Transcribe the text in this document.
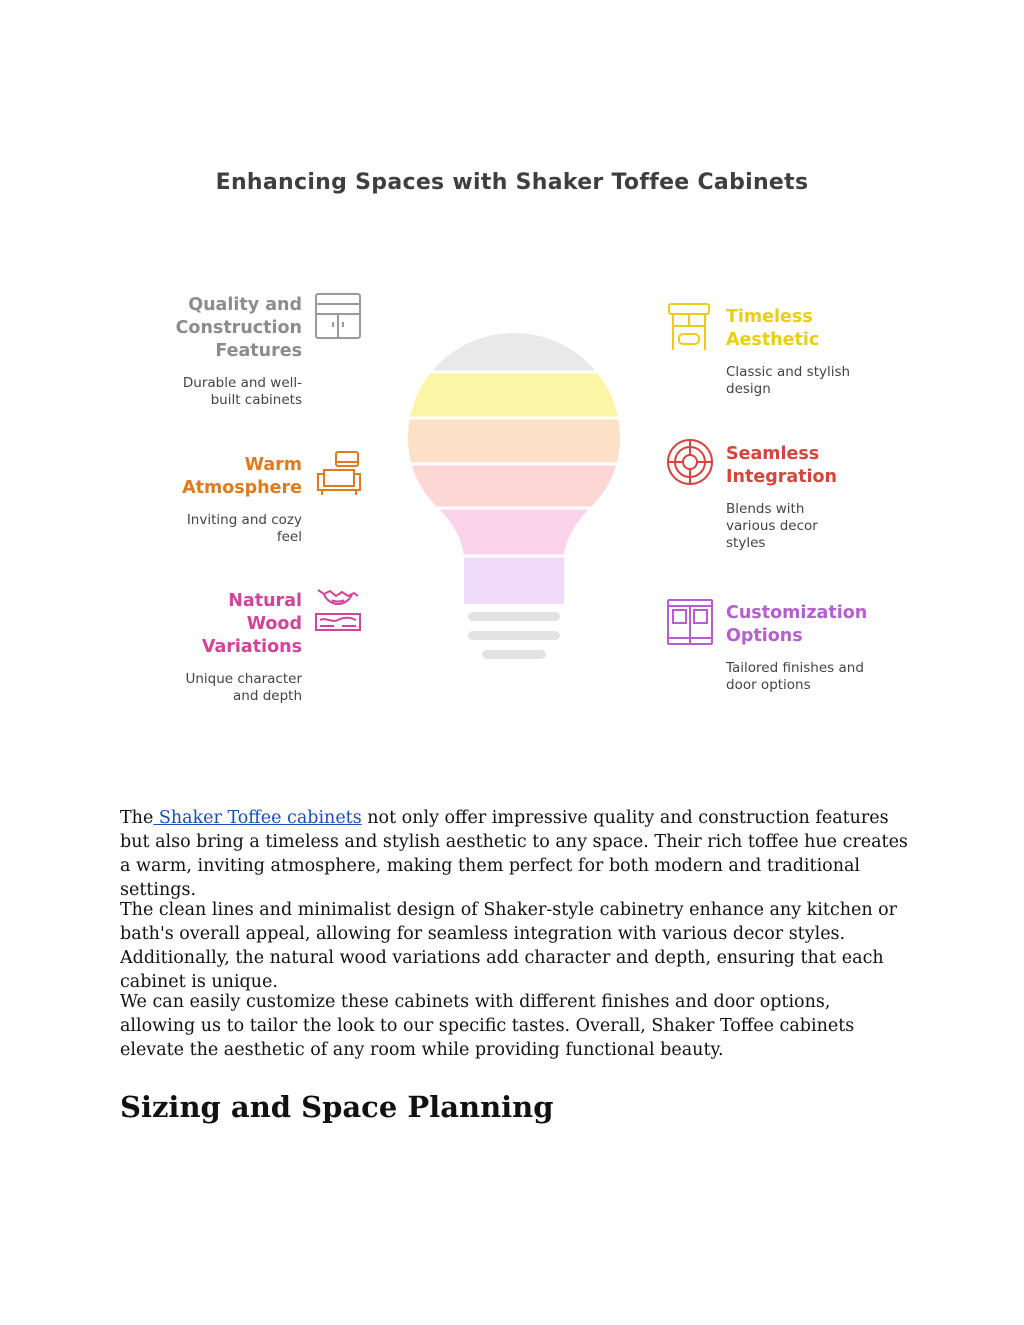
Enhancing Spaces with Shaker Toffee Cabinets
Quality and
Construction
Features
Durable and well-
built cabinets
Warm
Atmosphere
Inviting and cozy
feel
Natural
Wood
Variations
Unique character
and depth
Timeless
Aesthetic
Classic and stylish
design
Seamless
Integration
Blends with
various decor
styles
Customization
Options
Tailored finishes and
door options

The Shaker Toffee cabinets not only offer impressive quality and construction features but also bring a timeless and stylish aesthetic to any space. Their rich toffee hue creates a warm, inviting atmosphere, making them perfect for both modern and traditional settings.

The clean lines and minimalist design of Shaker-style cabinetry enhance any kitchen or bath's overall appeal, allowing for seamless integration with various decor styles. Additionally, the natural wood variations add character and depth, ensuring that each cabinet is unique.

We can easily customize these cabinets with different finishes and door options, allowing us to tailor the look to our specific tastes. Overall, Shaker Toffee cabinets elevate the aesthetic of any room while providing functional beauty.

Sizing and Space Planning
